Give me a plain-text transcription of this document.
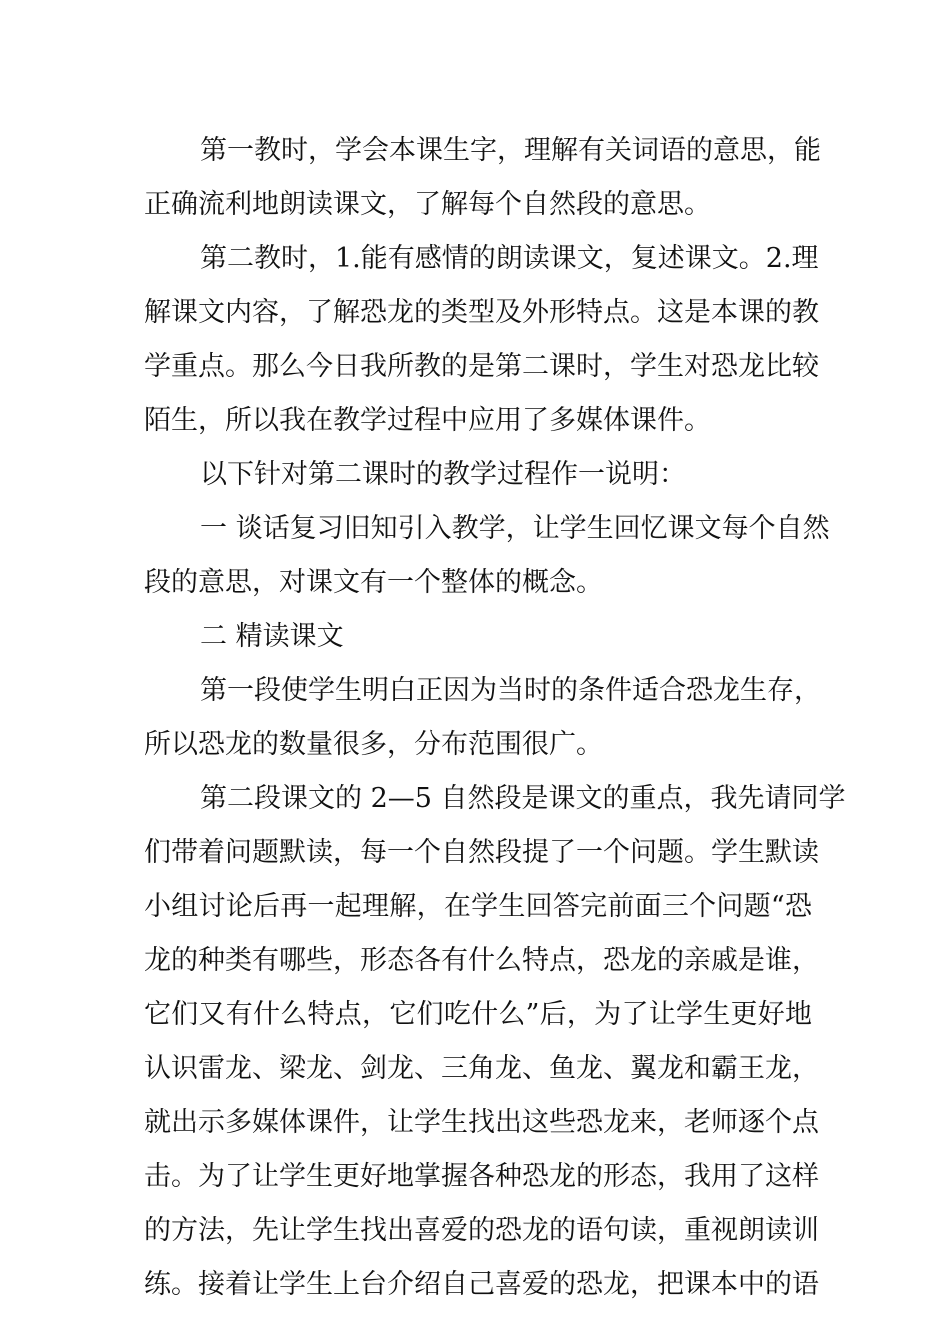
第一教时，学会本课生字，理解有关词语的意思，能
正确流利地朗读课文，了解每个自然段的意思。
第二教时，1.能有感情的朗读课文，复述课文。2.理
解课文内容，了解恐龙的类型及外形特点。这是本课的教
学重点。那么今日我所教的是第二课时，学生对恐龙比较
陌生，所以我在教学过程中应用了多媒体课件。
以下针对第二课时的教学过程作一说明：
一 谈话复习旧知引入教学，让学生回忆课文每个自然
段的意思，对课文有一个整体的概念。
二 精读课文
第一段使学生明白正因为当时的条件适合恐龙生存，
所以恐龙的数量很多，分布范围很广。
第二段课文的 2—5 自然段是课文的重点，我先请同学
们带着问题默读，每一个自然段提了一个问题。学生默读
小组讨论后再一起理解，在学生回答完前面三个问题“恐
龙的种类有哪些，形态各有什么特点，恐龙的亲戚是谁，
它们又有什么特点，它们吃什么”后，为了让学生更好地
认识雷龙、梁龙、剑龙、三角龙、鱼龙、翼龙和霸王龙，
就出示多媒体课件，让学生找出这些恐龙来，老师逐个点
击。为了让学生更好地掌握各种恐龙的形态，我用了这样
的方法，先让学生找出喜爱的恐龙的语句读，重视朗读训
练。接着让学生上台介绍自己喜爱的恐龙，把课本中的语
